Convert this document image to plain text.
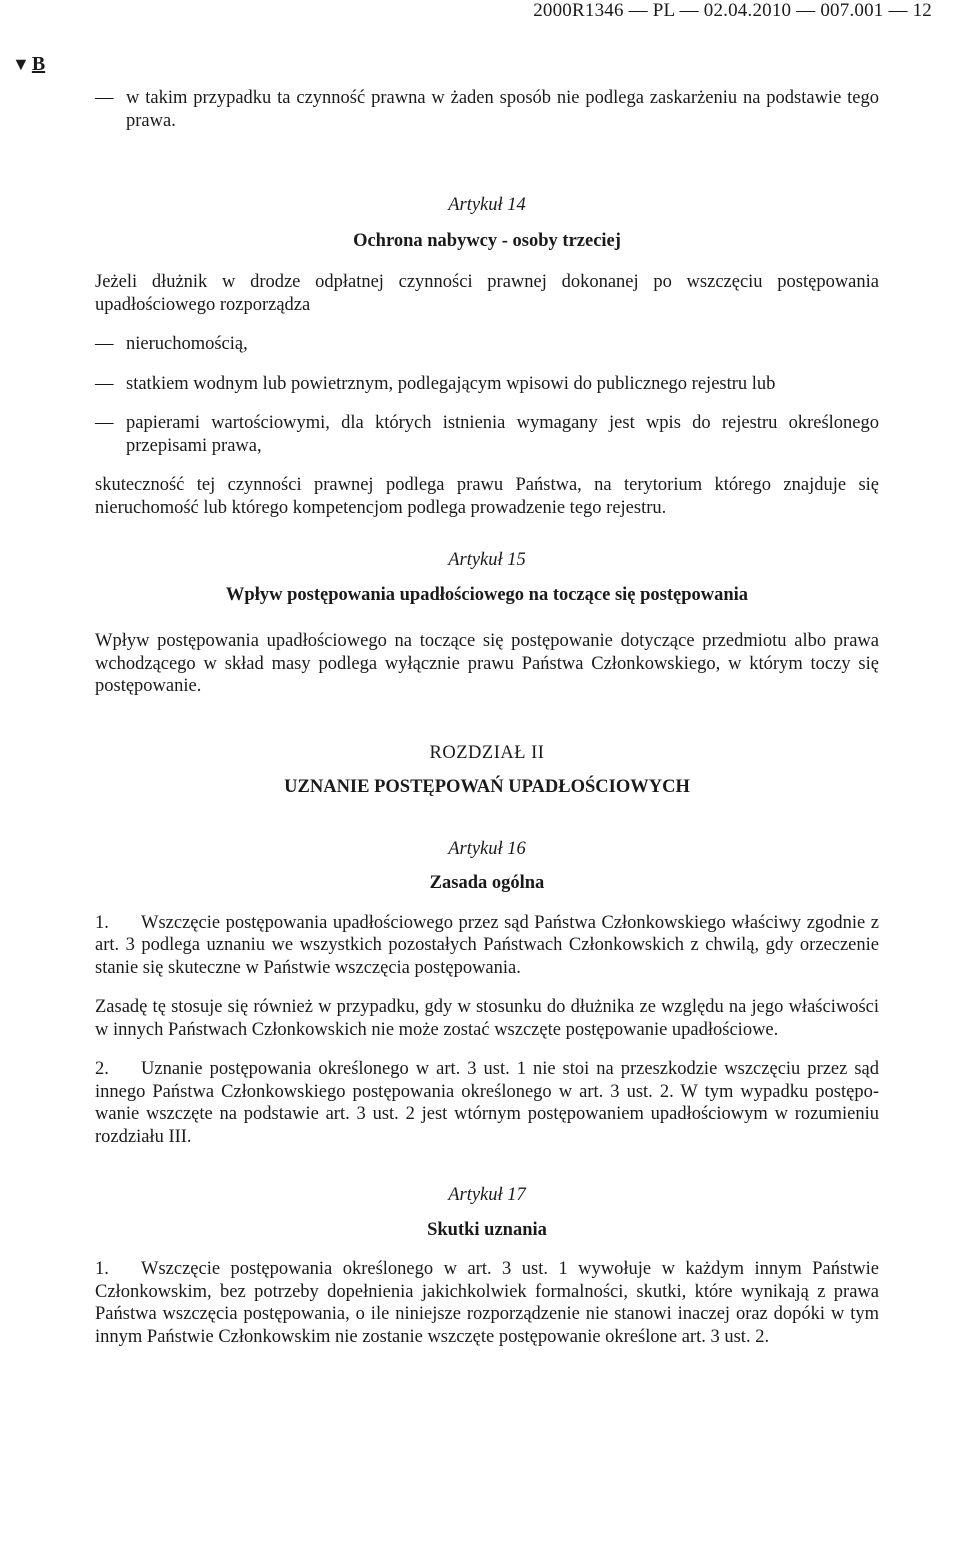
2000R1346 — PL — 02.04.2010 — 007.001 — 12
▼ B
— w takim przypadku ta czynność prawna w żaden sposób nie podlega zaskarżeniu na podstawie tego prawa.
Artykuł 14
Ochrona nabywcy - osoby trzeciej
Jeżeli dłużnik w drodze odpłatnej czynności prawnej dokonanej po wszczęciu postępowania upadłościowego rozporządza
— nieruchomością,
— statkiem wodnym lub powietrznym, podlegającym wpisowi do publicznego rejestru lub
— papierami wartościowymi, dla których istnienia wymagany jest wpis do rejestru określonego przepisami prawa,
skuteczność tej czynności prawnej podlega prawu Państwa, na terytorium którego znajduje się nieruchomość lub którego kompetencjom podlega prowadzenie tego rejestru.
Artykuł 15
Wpływ postępowania upadłościowego na toczące się postępowania
Wpływ postępowania upadłościowego na toczące się postępowanie dotyczące przedmiotu albo prawa wchodzącego w skład masy podlega wyłącznie prawu Państwa Członkowskiego, w którym toczy się postępowanie.
ROZDZIAŁ II
UZNANIE POSTĘPOWAŃ UPADŁOŚCIOWYCH
Artykuł 16
Zasada ogólna
1. Wszczęcie postępowania upadłościowego przez sąd Państwa Członkowskiego właściwy zgodnie z art. 3 podlega uznaniu we wszystkich pozostałych Państwach Członkowskich z chwilą, gdy orzeczenie stanie się skuteczne w Państwie wszczęcia postępowania.
Zasadę tę stosuje się również w przypadku, gdy w stosunku do dłużnika ze względu na jego właściwości w innych Państwach Członkowskich nie może zostać wszczęte postępowanie upadłościowe.
2. Uznanie postępowania określonego w art. 3 ust. 1 nie stoi na przeszkodzie wszczęciu przez sąd innego Państwa Członkowskiego postępowania określonego w art. 3 ust. 2. W tym wypadku postępowanie wszczęte na podstawie art. 3 ust. 2 jest wtórnym postępowaniem upadłościowym w rozumieniu rozdziału III.
Artykuł 17
Skutki uznania
1. Wszczęcie postępowania określonego w art. 3 ust. 1 wywołuje w każdym innym Państwie Członkowskim, bez potrzeby dopełnienia jakichkolwiek formalności, skutki, które wynikają z prawa Państwa wszczęcia postępowania, o ile niniejsze rozporządzenie nie stanowi inaczej oraz dopóki w tym innym Państwie Członkowskim nie zostanie wszczęte postępowanie określone art. 3 ust. 2.
